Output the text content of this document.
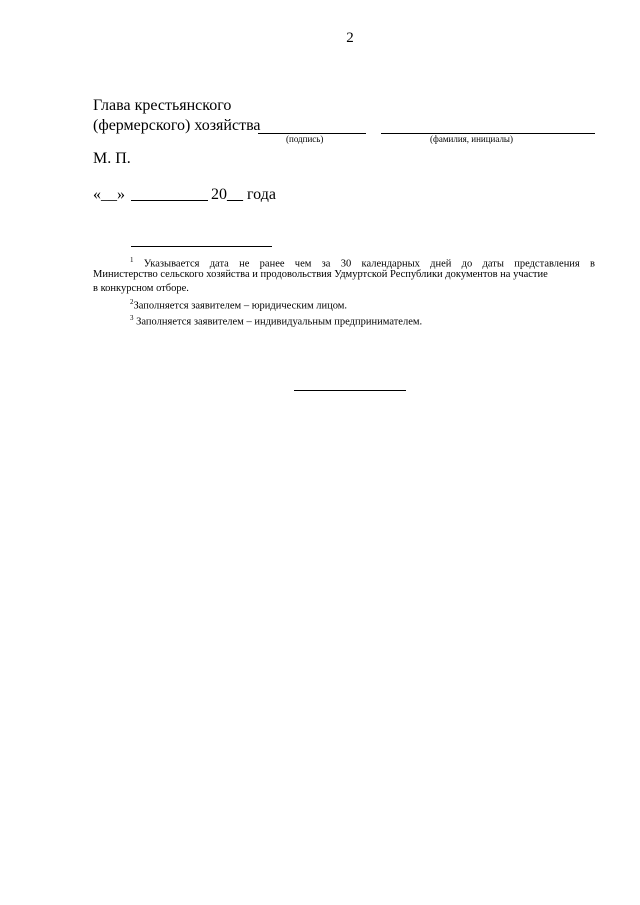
2
Глава крестьянского
(фермерского) хозяйства
(подпись)	(фамилия, инициалы)
М. П.
«__»	20__ года
$^1$ Указывается дата не ранее чем за 30 календарных дней до даты представления в
Министерство сельского хозяйства и продовольствия Удмуртской Республики документов на участие
в конкурсном отборе.
$^2$Заполняется заявителем – юридическим лицом.
$^3$ Заполняется заявителем – индивидуальным предпринимателем.
